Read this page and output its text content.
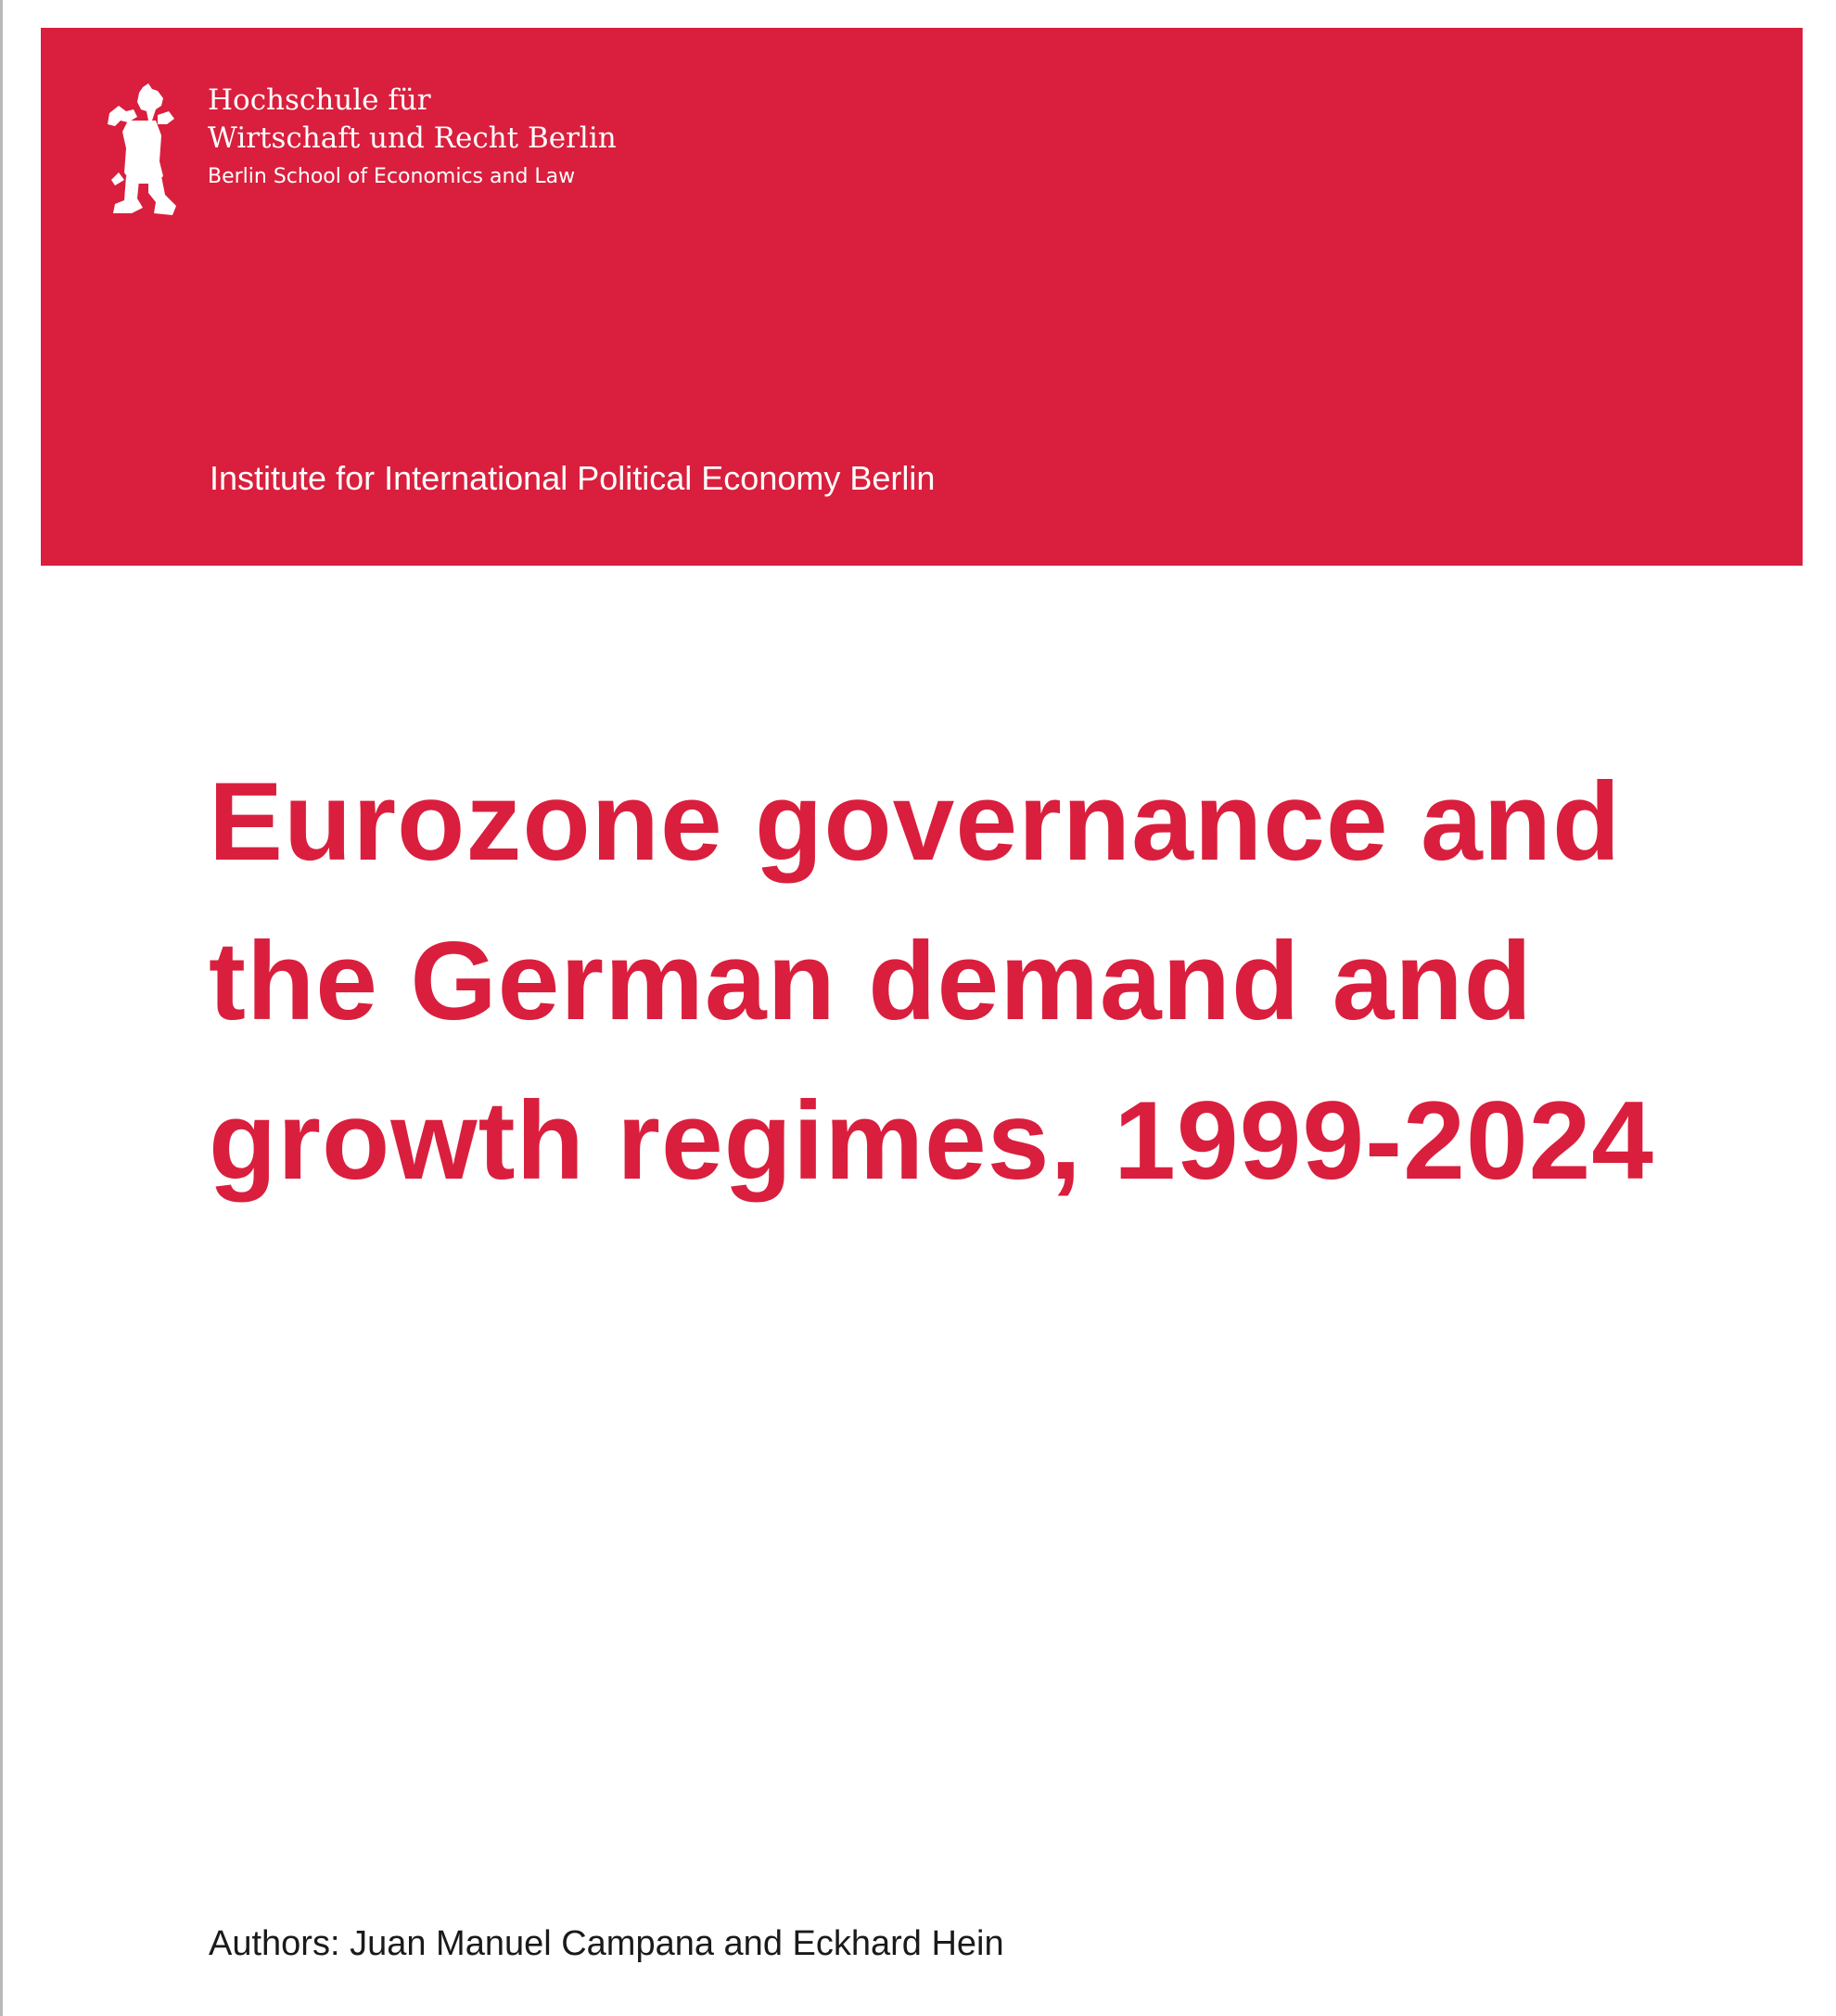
Hochschule für
Wirtschaft und Recht Berlin
Berlin School of Economics and Law
Institute for International Political Economy Berlin
Eurozone governance and
the German demand and
growth regimes, 1999-2024
Authors: Juan Manuel Campana and Eckhard Hein
